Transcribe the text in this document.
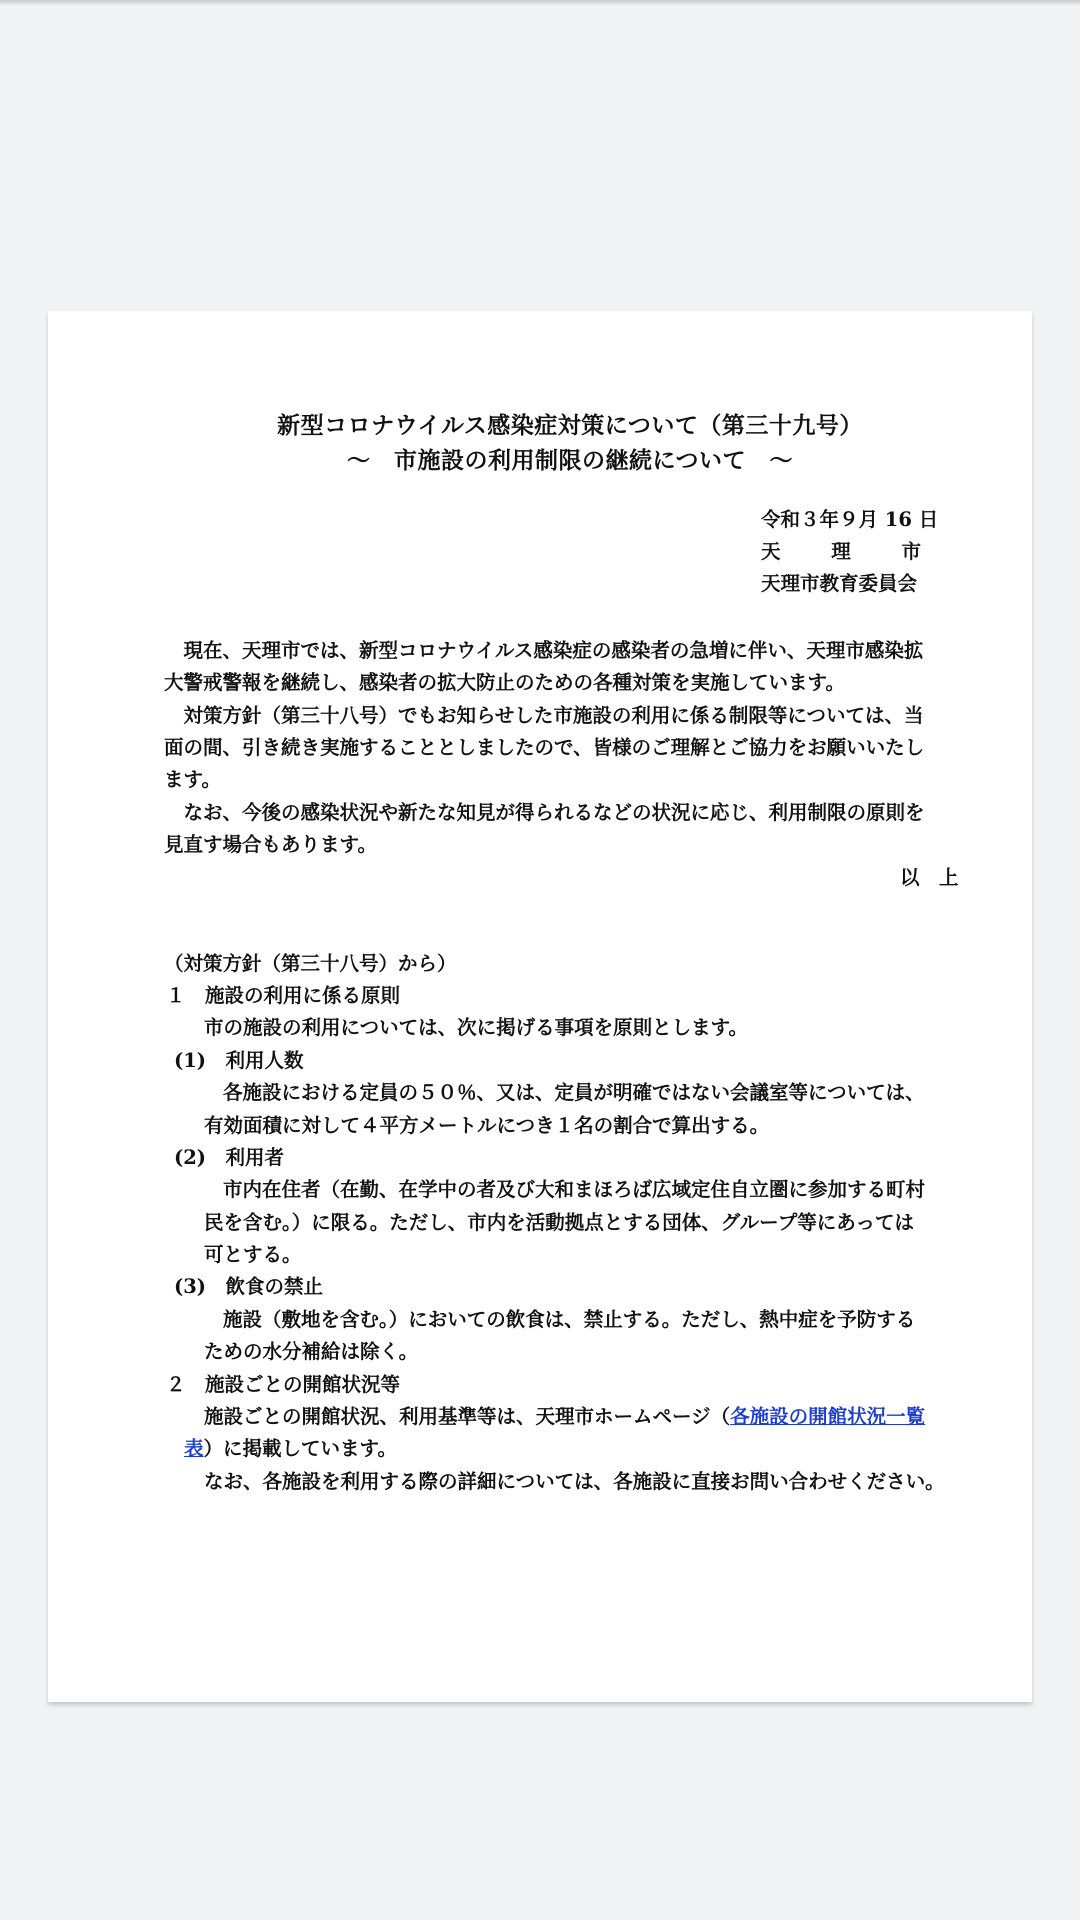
新型コロナウイルス感染症対策について（第三十九号）
～　市施設の利用制限の継続について　～
令和３年９月 16 日
天 理 市
天理市教育委員会
　現在、天理市では、新型コロナウイルス感染症の感染者の急増に伴い、天理市感染拡
大警戒警報を継続し、感染者の拡大防止のための各種対策を実施しています。
　対策方針（第三十八号）でもお知らせした市施設の利用に係る制限等については、当
面の間、引き続き実施することとしましたので、皆様のご理解とご協力をお願いいたし
ます。
　なお、今後の感染状況や新たな知見が得られるなどの状況に応じ、利用制限の原則を
見直す場合もあります。
以　上
（対策方針（第三十八号）から）
１　施設の利用に係る原則
市の施設の利用については、次に掲げる事項を原則とします。
(1)　利用人数
各施設における定員の５０％、又は、定員が明確ではない会議室等については、
有効面積に対して４平方メートルにつき１名の割合で算出する。
(2)　利用者
市内在住者（在勤、在学中の者及び大和まほろば広域定住自立圏に参加する町村
民を含む。）に限る。ただし、市内を活動拠点とする団体、グループ等にあっては
可とする。
(3)　飲食の禁止
施設（敷地を含む。）においての飲食は、禁止する。ただし、熱中症を予防する
ための水分補給は除く。
２　施設ごとの開館状況等
施設ごとの開館状況、利用基準等は、天理市ホームページ（各施設の開館状況一覧
表）に掲載しています。
なお、各施設を利用する際の詳細については、各施設に直接お問い合わせください。
